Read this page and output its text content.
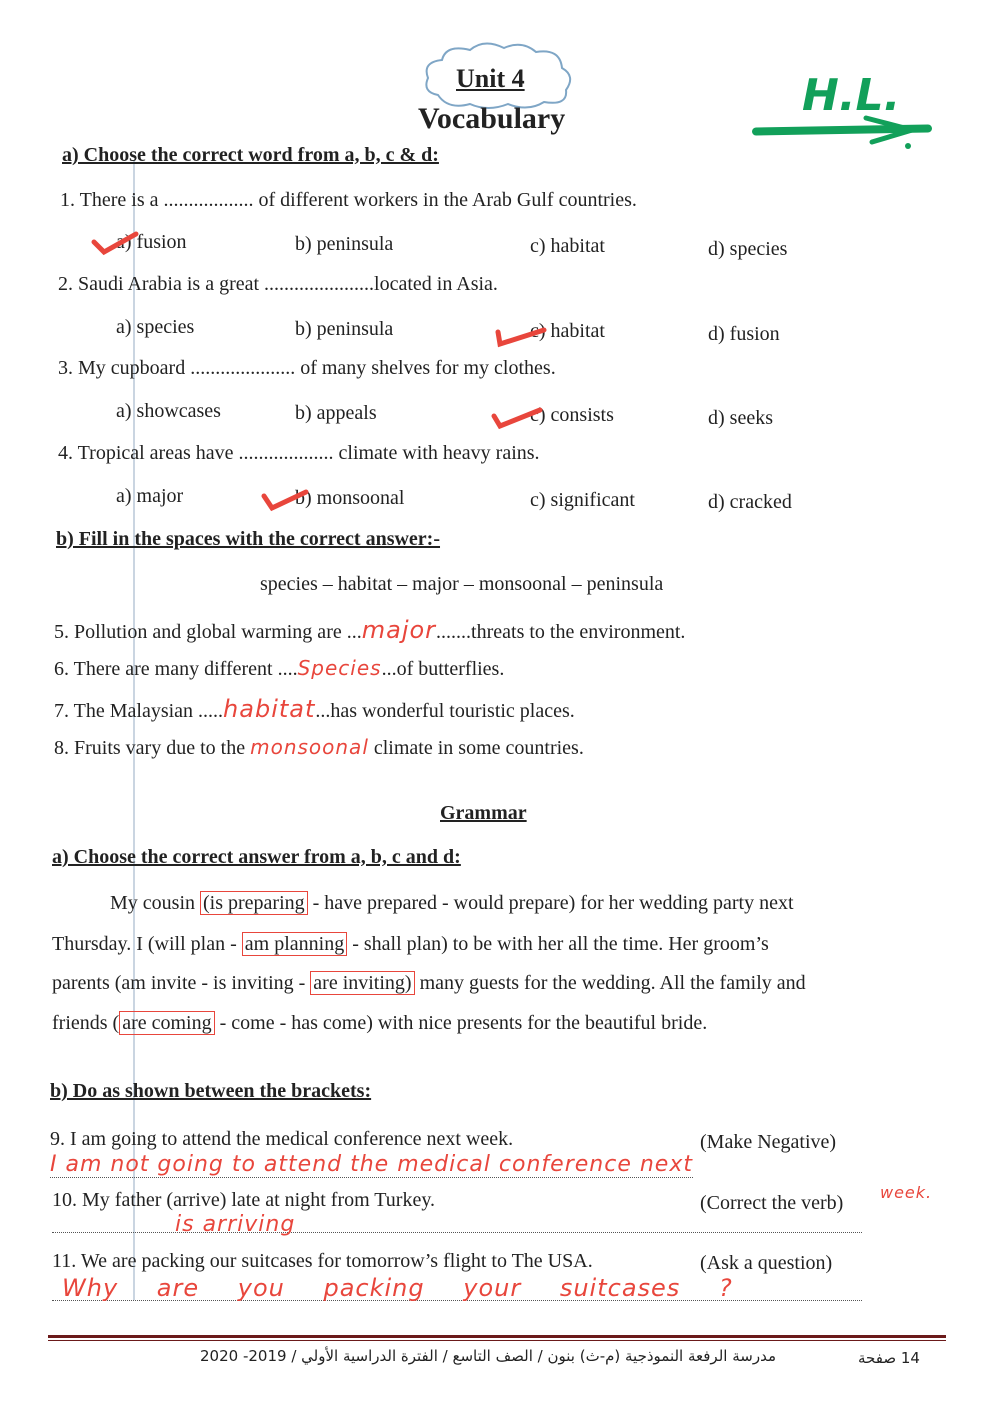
Unit 4
Vocabulary	H.L.
a) Choose the correct word from a, b, c & d:
1. There is a .................. of different workers in the Arab Gulf countries.
a) fusion	b) peninsula	c) habitat	d) species
2. Saudi Arabia is a great ......................located in Asia.
a) species	b) peninsula	c) habitat	d) fusion
3. My cupboard ..................... of many shelves for my clothes.
a) showcases	b) appeals	c) consists	d) seeks
4. Tropical areas have ................... climate with heavy rains.
a) major	b) monsoonal	c) significant	d) cracked
b) Fill in the spaces with the correct answer:-
species – habitat – major – monsoonal – peninsula
5. Pollution and global warming are ...major.......threats to the environment.
6. There are many different ....Species...of butterflies.
7. The Malaysian .....habitat...has wonderful touristic places.
8. Fruits vary due to the monsoonal climate in some countries.
Grammar
a) Choose the correct answer from a, b, c and d:
My cousin (is preparing - have prepared - would prepare) for her wedding party next
Thursday. I (will plan - am planning - shall plan) to be with her all the time. Her groom’s
parents (am invite - is inviting - are inviting) many guests for the wedding. All the family and
friends ( are coming - come - has come) with nice presents for the beautiful bride.
b) Do as shown between the brackets:
9. I am going to attend the medical conference next week.	(Make Negative)
I am not going to attend the medical conference next
week.
10. My father (arrive) late at night from Turkey.	(Correct the verb)
is arriving
11. We are packing our suitcases for tomorrow’s flight to The USA.	(Ask a question)
Why are you packing your suitcases ?
مدرسة الرفعة النموذجية (م-ث) بنون / الصف التاسع / الفترة الدراسية الأولي / 2019- 2020	14 صفحة
